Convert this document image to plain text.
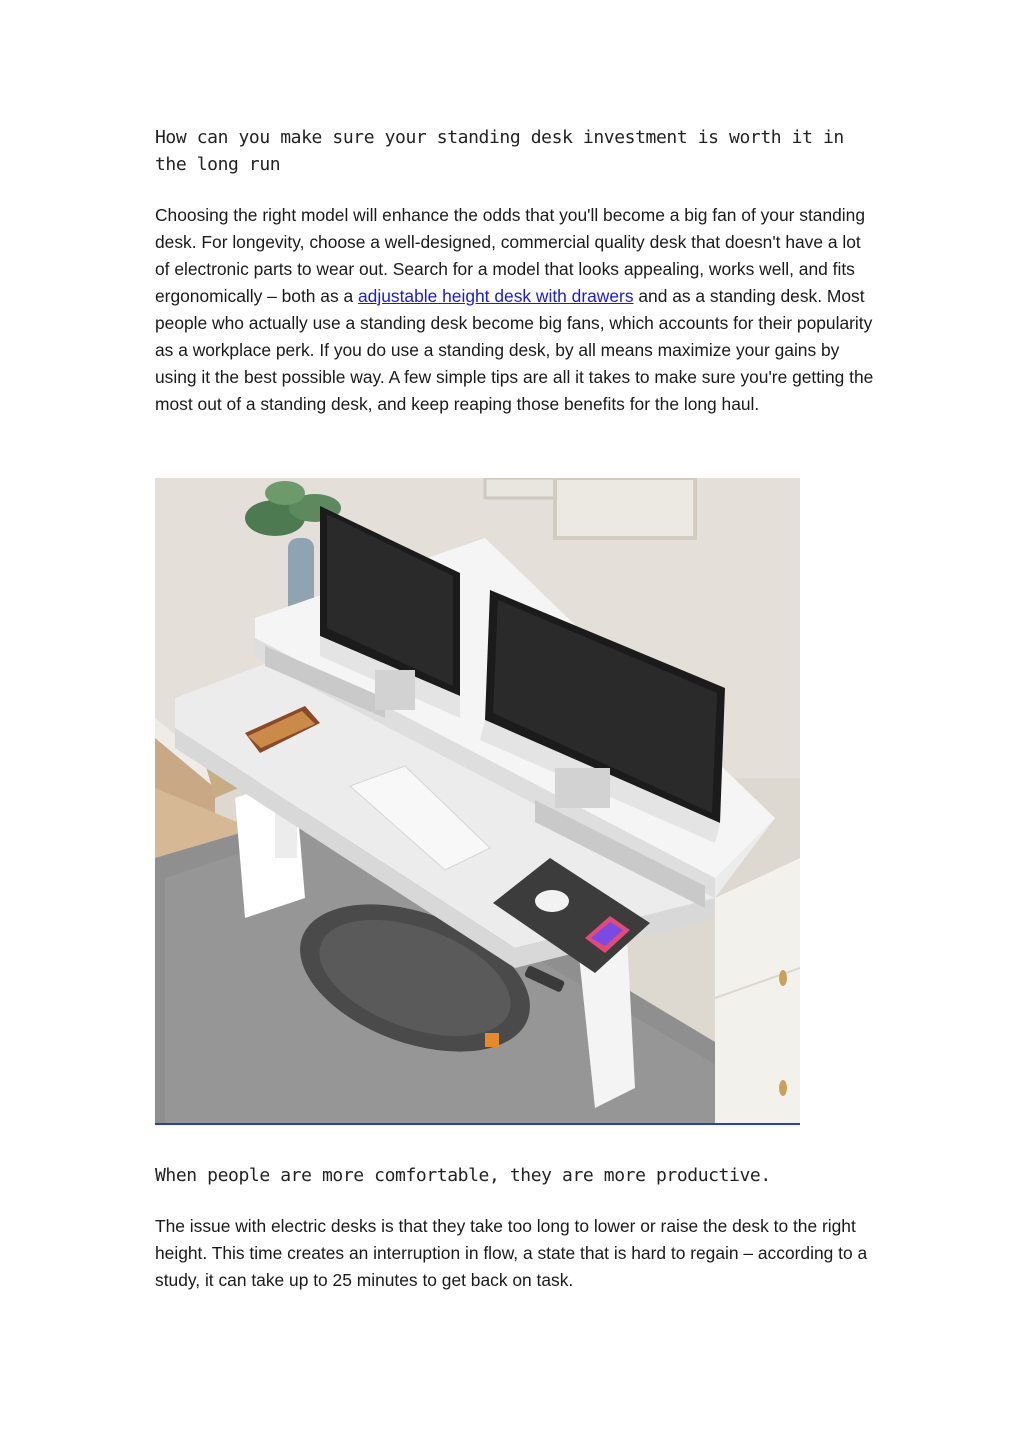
How can you make sure your standing desk investment is worth it in the long run

Choosing the right model will enhance the odds that you'll become a big fan of your standing desk. For longevity, choose a well-designed, commercial quality desk that doesn't have a lot of electronic parts to wear out. Search for a model that looks appealing, works well, and fits ergonomically – both as a adjustable height desk with drawers and as a standing desk. Most people who actually use a standing desk become big fans, which accounts for their popularity as a workplace perk. If you do use a standing desk, by all means maximize your gains by using it the best possible way. A few simple tips are all it takes to make sure you're getting the most out of a standing desk, and keep reaping those benefits for the long haul.

When people are more comfortable, they are more productive.

The issue with electric desks is that they take too long to lower or raise the desk to the right height. This time creates an interruption in flow, a state that is hard to regain – according to a study, it can take up to 25 minutes to get back on task.
